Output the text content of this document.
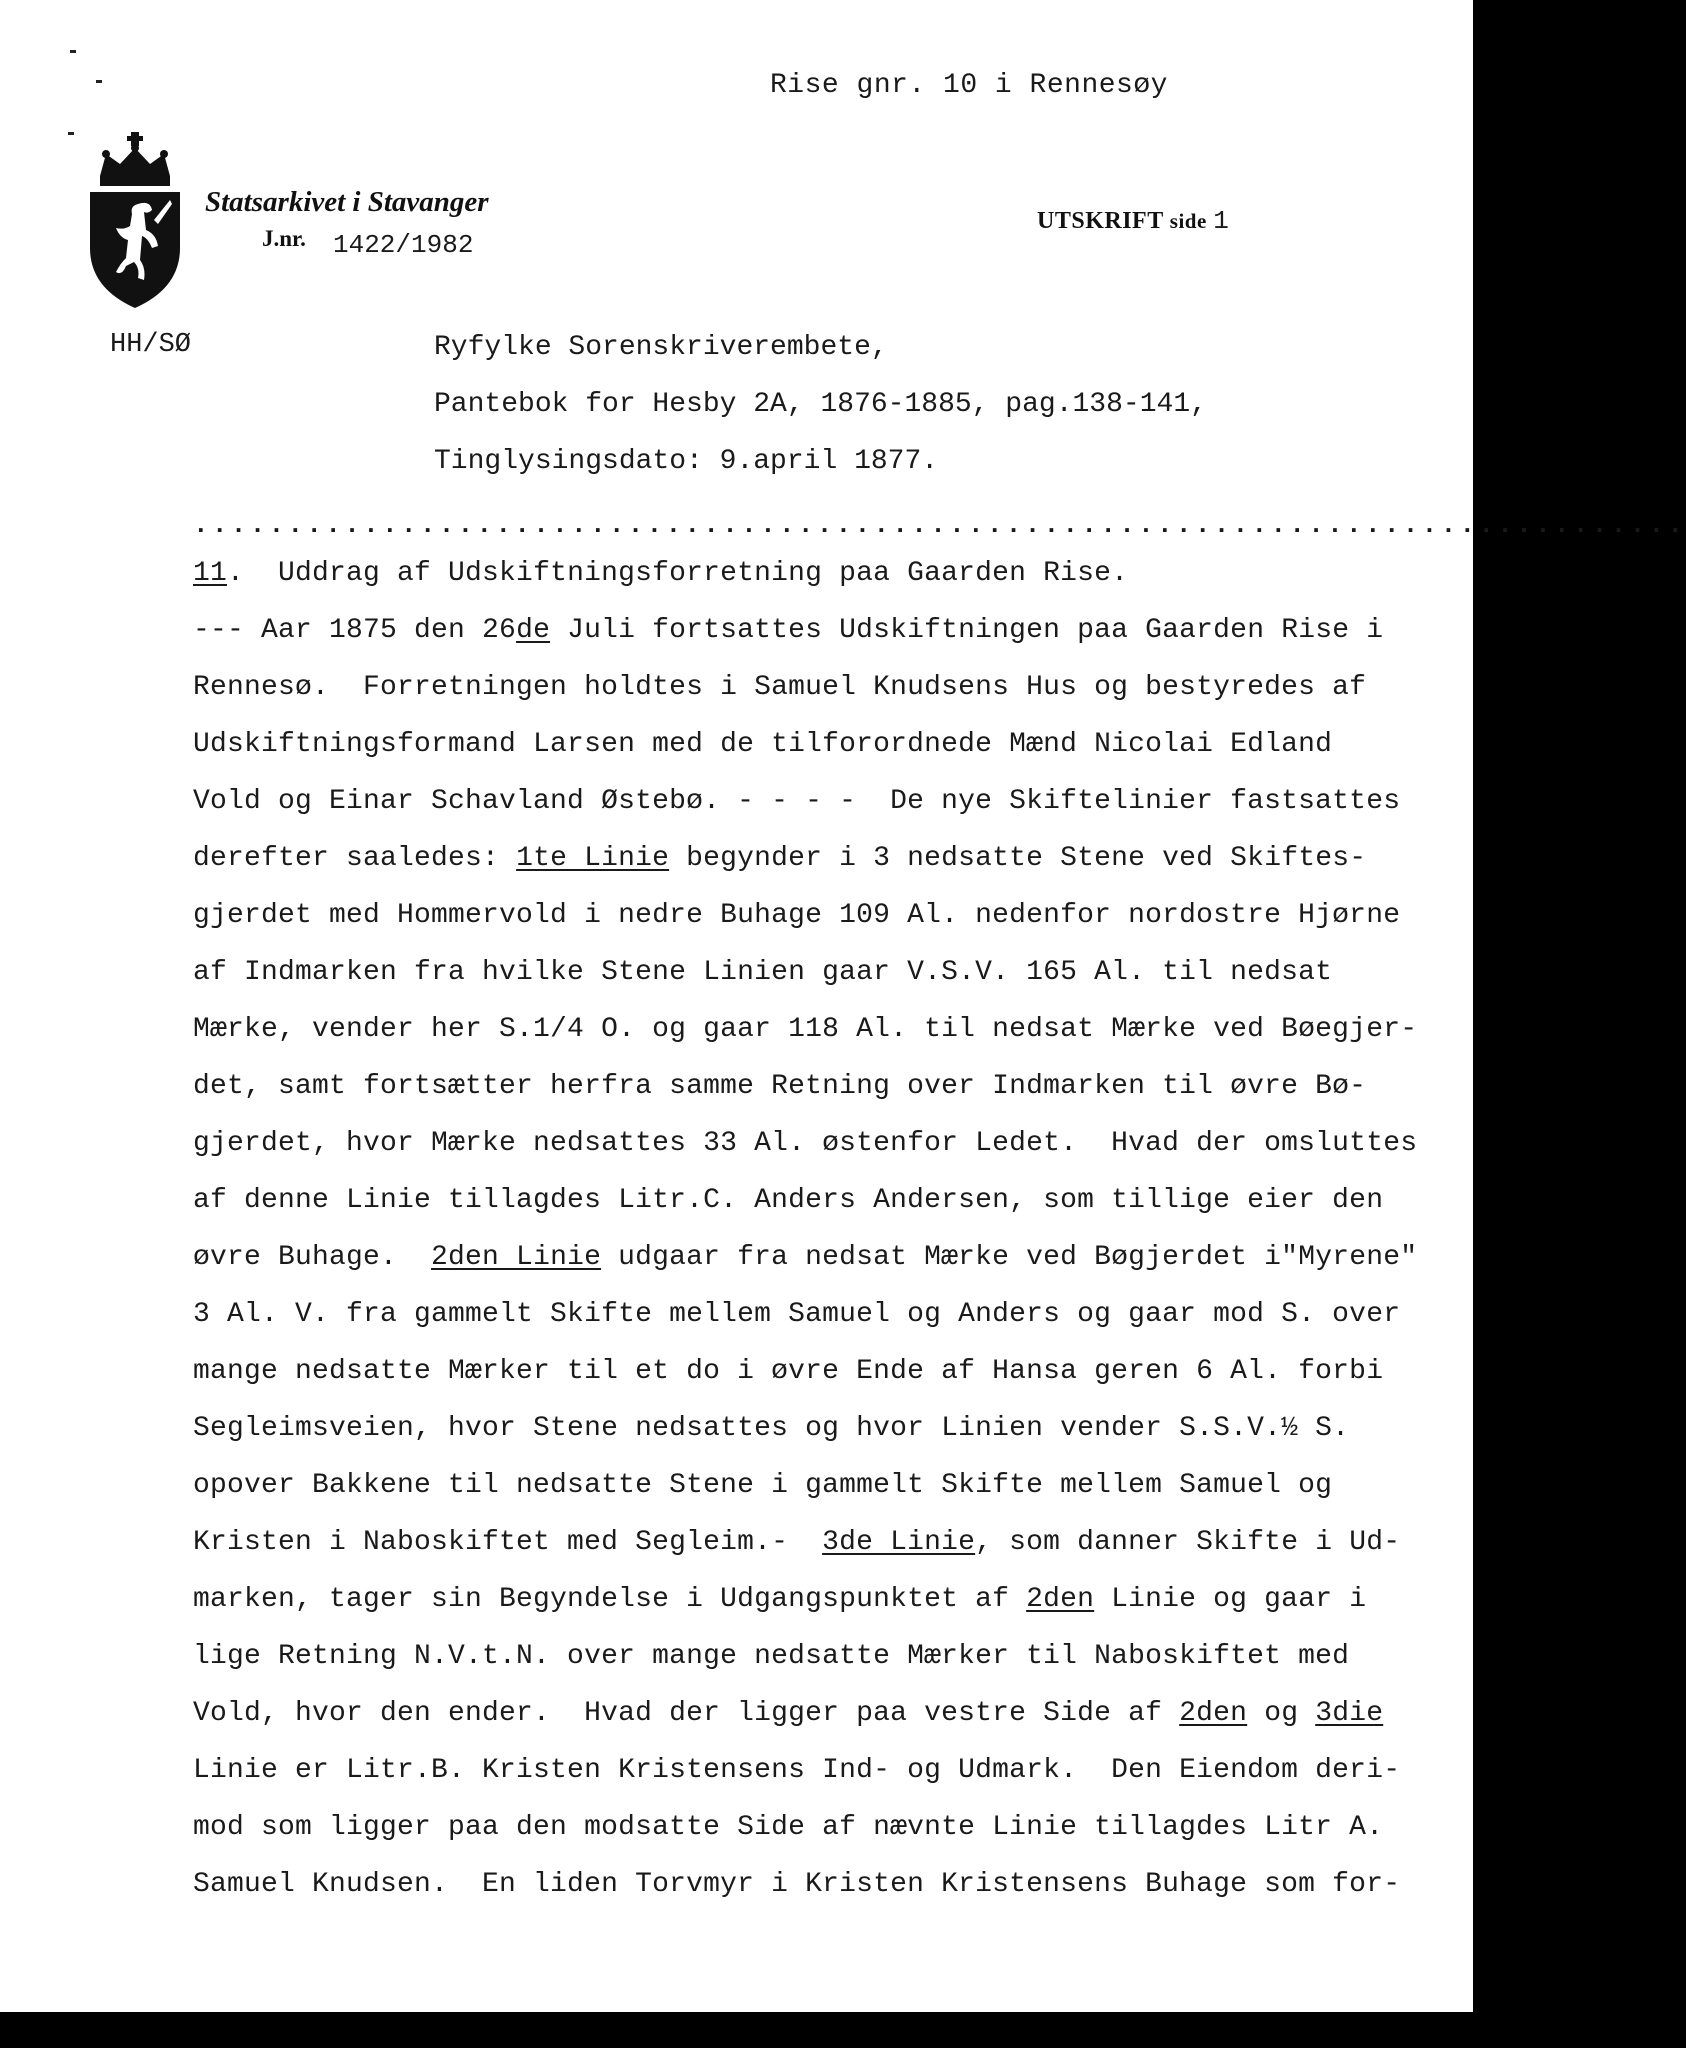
Rise gnr. 10 i Rennesøy
Statsarkivet i Stavanger
J.nr. 1422/1982
UTSKRIFT side 1
HH/SØ	Ryfylke Sorenskriverembete,
Pantebok for Hesby 2A, 1876-1885, pag.138-141,
Tinglysingsdato: 9.april 1877.
...............................................................................
11.  Uddrag af Udskiftningsforretning paa Gaarden Rise.
--- Aar 1875 den 26de Juli fortsattes Udskiftningen paa Gaarden Rise i
Rennesø.  Forretningen holdtes i Samuel Knudsens Hus og bestyredes af
Udskiftningsformand Larsen med de tilforordnede Mænd Nicolai Edland
Vold og Einar Schavland Østebø. - - - -  De nye Skiftelinier fastsattes
derefter saaledes: 1te Linie begynder i 3 nedsatte Stene ved Skiftes-
gjerdet med Hommervold i nedre Buhage 109 Al. nedenfor nordostre Hjørne
af Indmarken fra hvilke Stene Linien gaar V.S.V. 165 Al. til nedsat
Mærke, vender her S.1/4 O. og gaar 118 Al. til nedsat Mærke ved Bøegjer-
det, samt fortsætter herfra samme Retning over Indmarken til øvre Bø-
gjerdet, hvor Mærke nedsattes 33 Al. østenfor Ledet.  Hvad der omsluttes
af denne Linie tillagdes Litr.C. Anders Andersen, som tillige eier den
øvre Buhage.  2den Linie udgaar fra nedsat Mærke ved Bøgjerdet i"Myrene"
3 Al. V. fra gammelt Skifte mellem Samuel og Anders og gaar mod S. over
mange nedsatte Mærker til et do i øvre Ende af Hansa geren 6 Al. forbi
Segleimsveien, hvor Stene nedsattes og hvor Linien vender S.S.V.½ S.
opover Bakkene til nedsatte Stene i gammelt Skifte mellem Samuel og
Kristen i Naboskiftet med Segleim.-  3de Linie, som danner Skifte i Ud-
marken, tager sin Begyndelse i Udgangspunktet af 2den Linie og gaar i
lige Retning N.V.t.N. over mange nedsatte Mærker til Naboskiftet med
Vold, hvor den ender.  Hvad der ligger paa vestre Side af 2den og 3die
Linie er Litr.B. Kristen Kristensens Ind- og Udmark.  Den Eiendom deri-
mod som ligger paa den modsatte Side af nævnte Linie tillagdes Litr A.
Samuel Knudsen.  En liden Torvmyr i Kristen Kristensens Buhage som for-
